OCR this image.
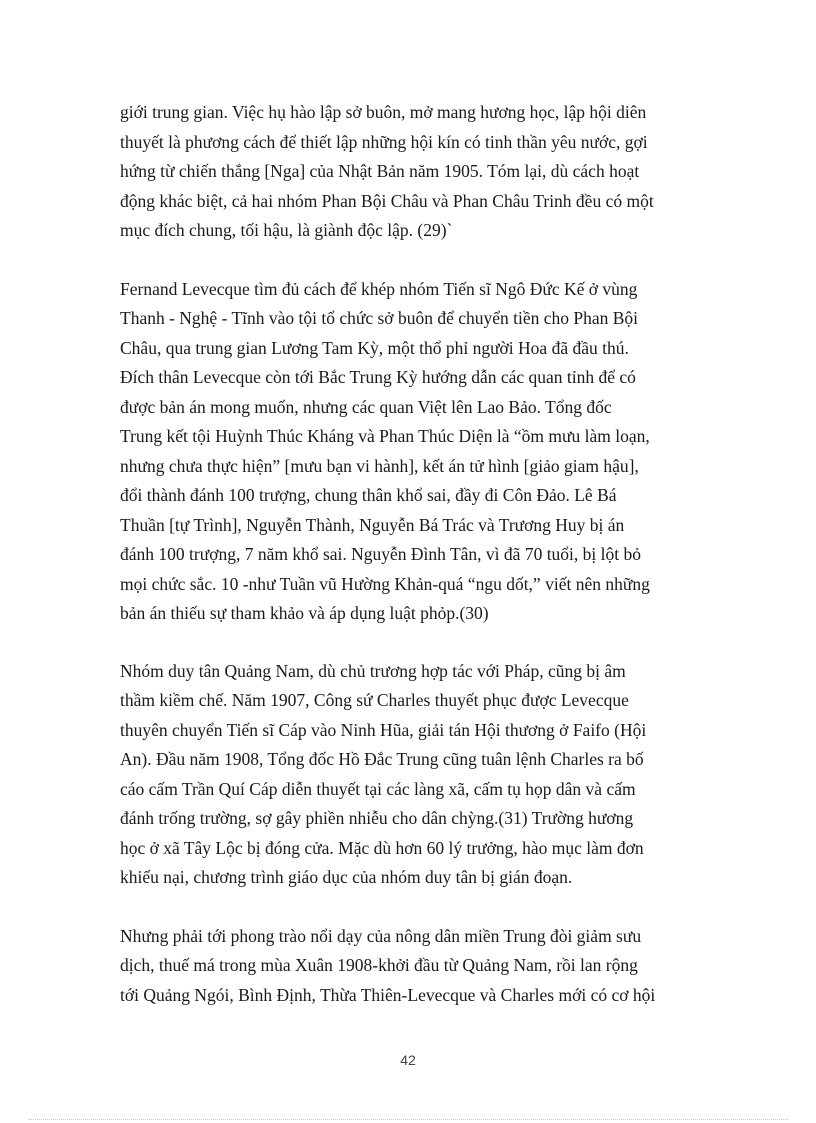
giới trung gian. Việc hụ hào lập sở buôn, mở mang hương học, lập hội diên
thuyết là phương cách để thiết lập những hội kín có tinh thần yêu nước, gợi
hứng từ chiến thắng [Nga] của Nhật Bản năm 1905. Tóm lại, dù cách hoạt
động khác biệt, cả hai nhóm Phan Bội Châu và Phan Châu Trinh đều có một
mục đích chung, tối hậu, là giành độc lập. (29)`

Fernand Levecque tìm đủ cách để khép nhóm Tiến sĩ Ngô Đức Kế ở vùng
Thanh - Nghệ - Tĩnh vào tội tổ chức sở buôn để chuyển tiền cho Phan Bội
Châu, qua trung gian Lương Tam Kỳ, một thổ phỉ người Hoa đã đầu thú.
Đích thân Levecque còn tới Bắc Trung Kỳ hướng dẫn các quan tỉnh để có
được bản án mong muốn, nhưng các quan Việt lên Lao Bảo. Tổng đốc
Trung kết tội Huỳnh Thúc Kháng và Phan Thúc Diện là “ồm mưu làm loạn,
nhưng chưa thực hiện” [mưu bạn vi hành], kết án tử hình [giảo giam hậu],
đổi thành đánh 100 trượng, chung thân khổ sai, đầy đi Côn Đảo. Lê Bá
Thuần [tự Trình], Nguyễn Thành, Nguyễn Bá Trác và Trương Huy bị án
đánh 100 trượng, 7 năm khổ sai. Nguyễn Đình Tân, vì đã 70 tuổi, bị lột bỏ
mọi chức sắc. 10 -như Tuần vũ Hường Khản-quá “ngu dốt,” viết nên những
bản án thiếu sự tham khảo và áp dụng luật phỏp.(30)

Nhóm duy tân Quảng Nam, dù chủ trương hợp tác với Pháp, cũng bị âm
thầm kiềm chế. Năm 1907, Công sứ Charles thuyết phục được Levecque
thuyên chuyển Tiến sĩ Cáp vào Ninh Hũa, giải tán Hội thương ở Faifo (Hội
An). Đầu năm 1908, Tổng đốc Hồ Đắc Trung cũng tuân lệnh Charles ra bố
cáo cấm Trần Quí Cáp diễn thuyết tại các làng xã, cấm tụ họp dân và cấm
đánh trống trường, sợ gây phiền nhiễu cho dân chỳng.(31) Trường hương
học ở xã Tây Lộc bị đóng cửa. Mặc dù hơn 60 lý trưởng, hào mục làm đơn
khiếu nại, chương trình giáo dục của nhóm duy tân bị gián đoạn.

Nhưng phải tới phong trào nổi dạy của nông dân miền Trung đòi giảm sưu
dịch, thuế má trong mùa Xuân 1908-khởi đầu từ Quảng Nam, rồi lan rộng
tới Quảng Ngói, Bình Định, Thừa Thiên-Levecque và Charles mới có cơ hội

42
